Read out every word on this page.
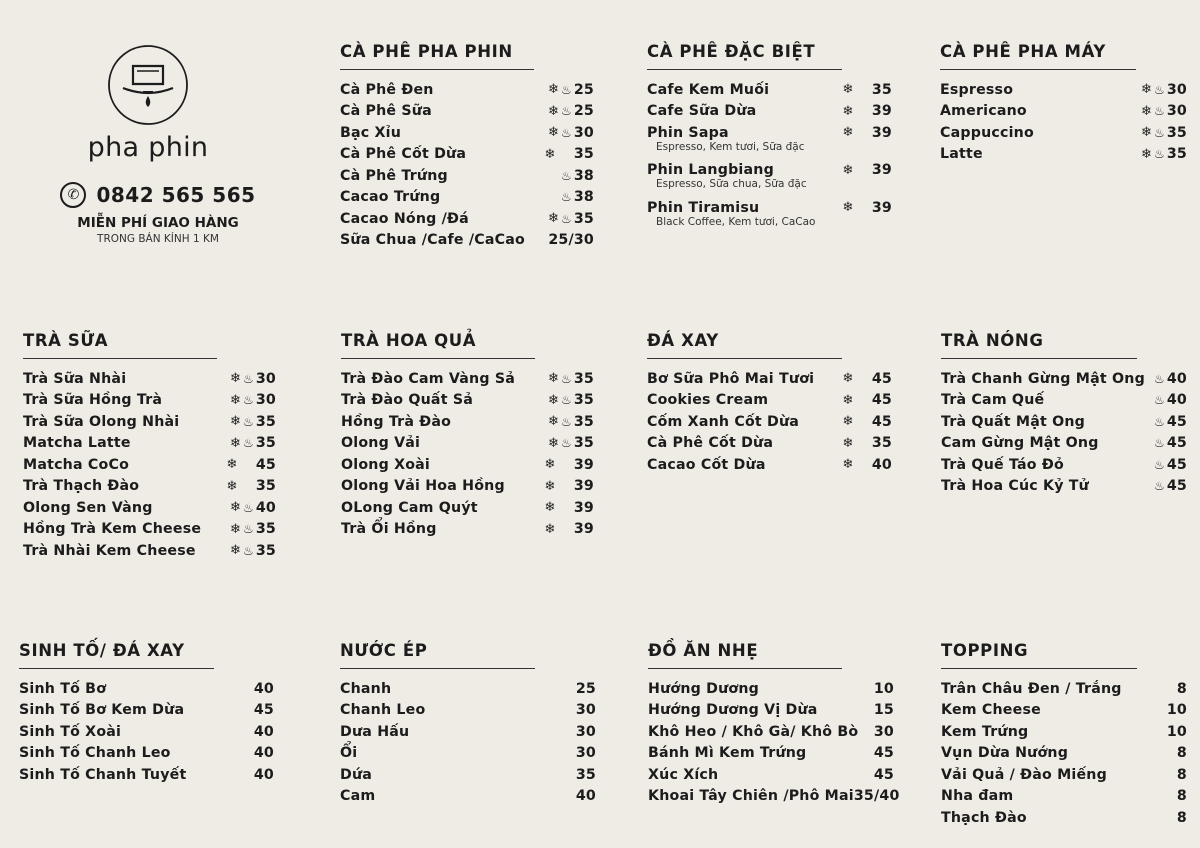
pha phin
✆ 0842 565 565
MIỄN PHÍ GIAO HÀNG
TRONG BÁN KÍNH 1 KM
CÀ PHÊ PHA PHIN
Cà Phê Đen	❄ ♨ 25
Cà Phê Sữa	❄ ♨ 25
Bạc Xỉu	❄ ♨ 30
Cà Phê Cốt Dừa	❄ 35
Cà Phê Trứng	♨ 38
Cacao Trứng	♨ 38
Cacao Nóng /Đá	❄ ♨ 35
Sữa Chua /Cafe /CaCao	25/30
CÀ PHÊ ĐẶC BIỆT
Cafe Kem Muối	❄ 35
Cafe Sữa Dừa	❄ 39
Phin Sapa	❄ 39
Espresso, Kem tươi, Sữa đặc
Phin Langbiang	❄ 39
Espresso, Sữa chua, Sữa đặc
Phin Tiramisu	❄ 39
Black Coffee, Kem tươi, CaCao
CÀ PHÊ PHA MÁY
Espresso	❄ ♨ 30
Americano	❄ ♨ 30
Cappuccino	❄ ♨ 35
Latte	❄ ♨ 35
TRÀ SỮA
Trà Sữa Nhài	❄ ♨ 30
Trà Sữa Hồng Trà	❄ ♨ 30
Trà Sữa Olong Nhài	❄ ♨ 35
Matcha Latte	❄ ♨ 35
Matcha CoCo	❄ 45
Trà Thạch Đào	❄ 35
Olong Sen Vàng	❄ ♨ 40
Hồng Trà Kem Cheese	❄ ♨ 35
Trà Nhài Kem Cheese	❄ ♨ 35
TRÀ HOA QUẢ
Trà Đào Cam Vàng Sả	❄ ♨ 35
Trà Đào Quất Sả	❄ ♨ 35
Hồng Trà Đào	❄ ♨ 35
Olong Vải	❄ ♨ 35
Olong Xoài	❄ 39
Olong Vải Hoa Hồng	❄ 39
OLong Cam Quýt	❄ 39
Trà Ổi Hồng	❄ 39
ĐÁ XAY
Bơ Sữa Phô Mai Tươi	❄ 45
Cookies Cream	❄ 45
Cốm Xanh Cốt Dừa	❄ 45
Cà Phê Cốt Dừa	❄ 35
Cacao Cốt Dừa	❄ 40
TRÀ NÓNG
Trà Chanh Gừng Mật Ong ♨ 40
Trà Cam Quế	♨ 40
Trà Quất Mật Ong	♨ 45
Cam Gừng Mật Ong	♨ 45
Trà Quế Táo Đỏ	♨ 45
Trà Hoa Cúc Kỷ Tử	♨ 45
SINH TỐ/ ĐÁ XAY
Sinh Tố Bơ	40
Sinh Tố Bơ Kem Dừa	45
Sinh Tố Xoài	40
Sinh Tố Chanh Leo	40
Sinh Tố Chanh Tuyết	40
NƯỚC ÉP
Chanh	25
Chanh Leo	30
Dưa Hấu	30
Ổi	30
Dứa	35
Cam	40
ĐỒ ĂN NHẸ
Hướng Dương	10
Hướng Dương Vị Dừa	15
Khô Heo / Khô Gà/ Khô Bò	30
Bánh Mì Kem Trứng	45
Xúc Xích	45
Khoai Tây Chiên /Phô Mai 35/40
TOPPING
Trân Châu Đen / Trắng	8
Kem Cheese	10
Kem Trứng	10
Vụn Dừa Nướng	8
Vải Quả / Đào Miếng	8
Nha đam	8
Thạch Đào	8
